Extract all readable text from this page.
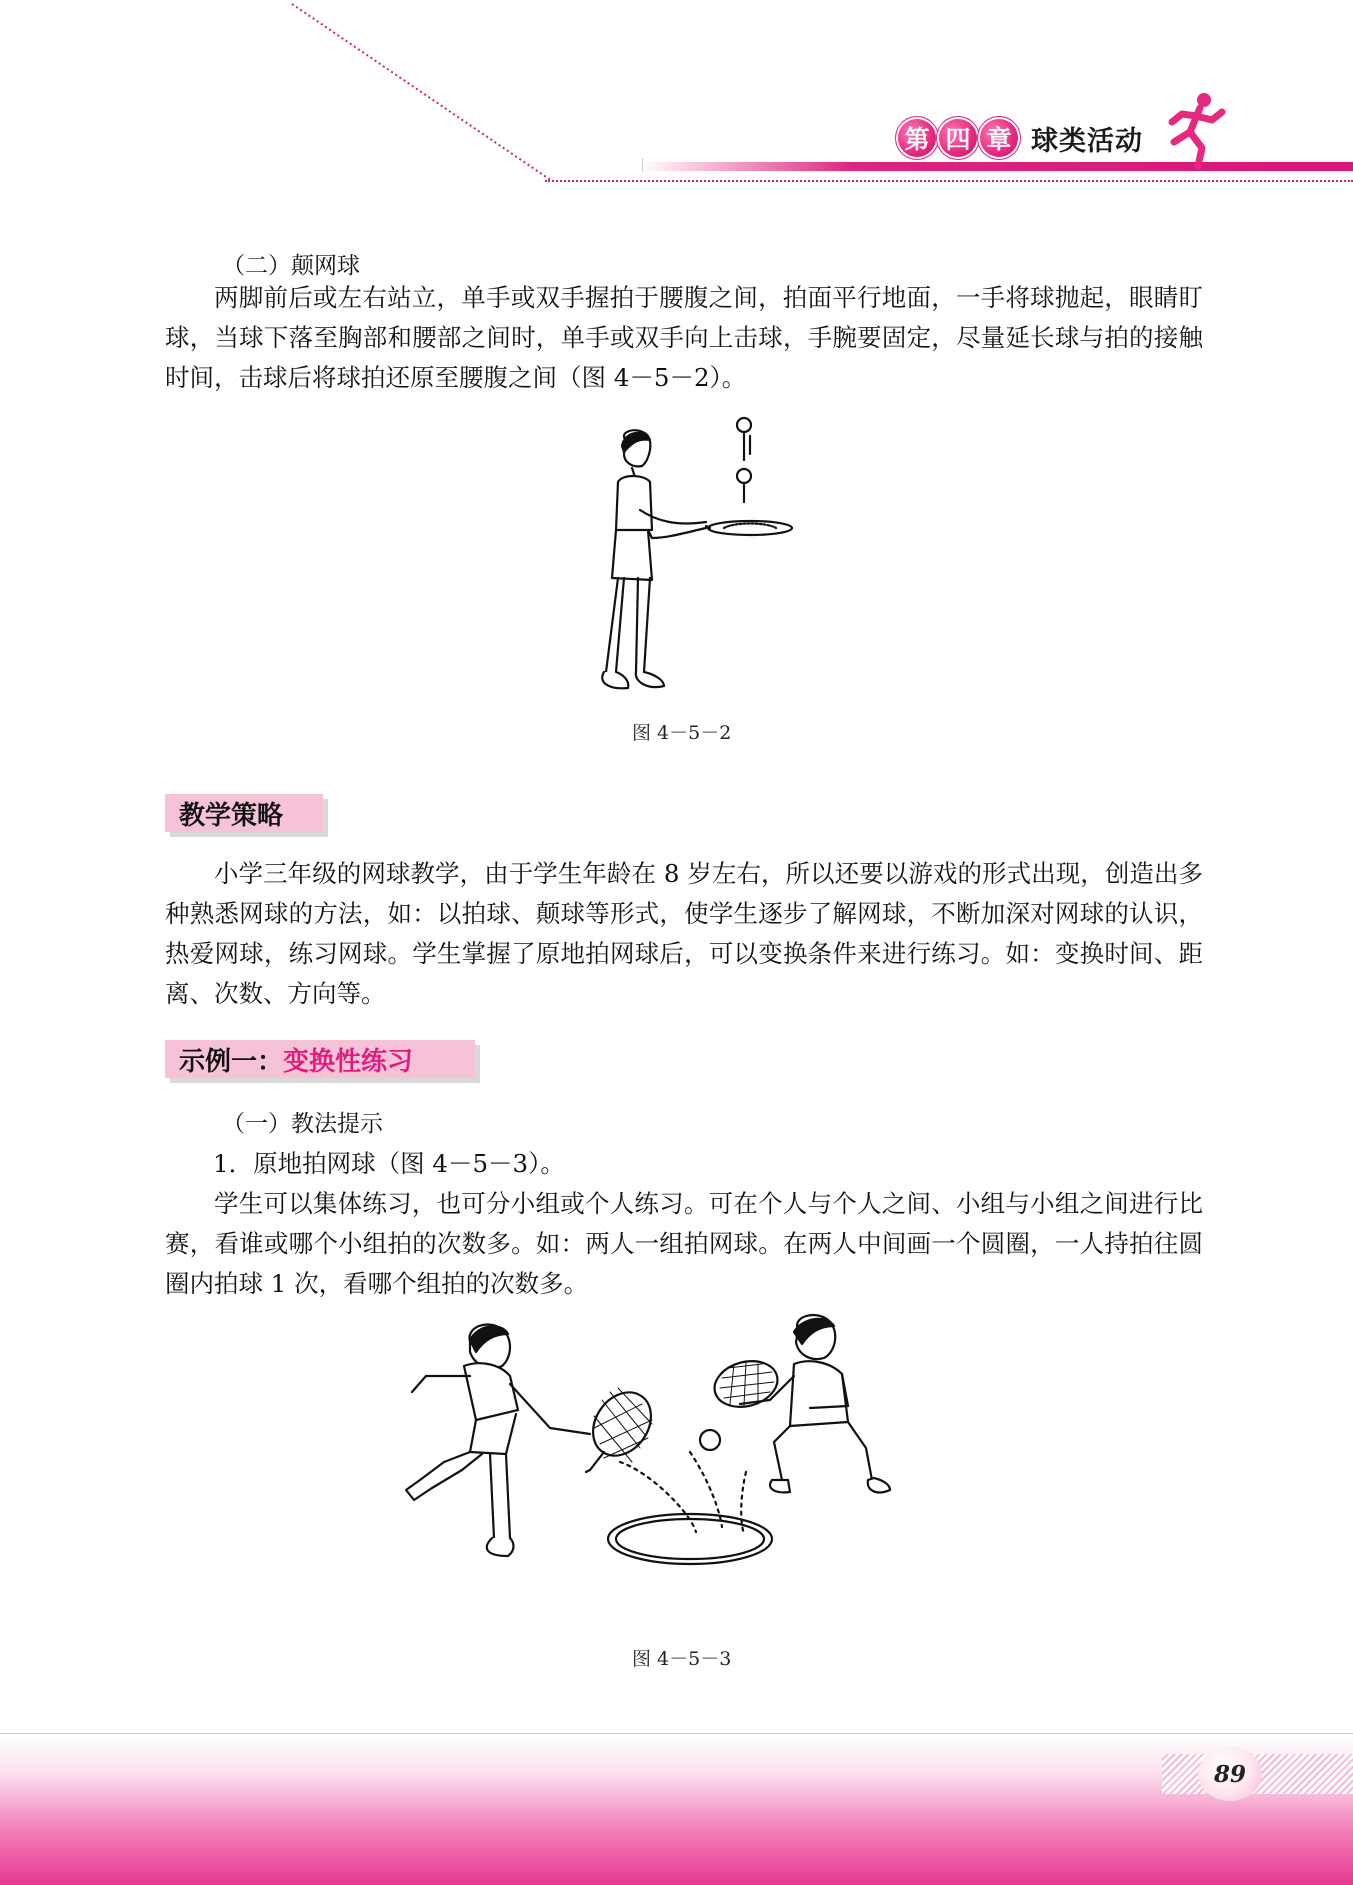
第 四 章 球类活动
（二）颠网球
两脚前后或左右站立，单手或双手握拍于腰腹之间，拍面平行地面，一手将球抛起，眼睛盯球，当球下落至胸部和腰部之间时，单手或双手向上击球，手腕要固定，尽量延长球与拍的接触时间，击球后将球拍还原至腰腹之间（图 4－5－2）。
图 4－5－2
教学策略
小学三年级的网球教学，由于学生年龄在 8 岁左右，所以还要以游戏的形式出现，创造出多种熟悉网球的方法，如：以拍球、颠球等形式，使学生逐步了解网球，不断加深对网球的认识，热爱网球，练习网球。学生掌握了原地拍网球后，可以变换条件来进行练习。如：变换时间、距离、次数、方向等。
示例一： 变换性练习
（一）教法提示
1．原地拍网球（图 4－5－3）。
学生可以集体练习，也可分小组或个人练习。可在个人与个人之间、小组与小组之间进行比赛，看谁或哪个小组拍的次数多。如：两人一组拍网球。在两人中间画一个圆圈，一人持拍往圆圈内拍球 1 次，看哪个组拍的次数多。
图 4－5－3
89
